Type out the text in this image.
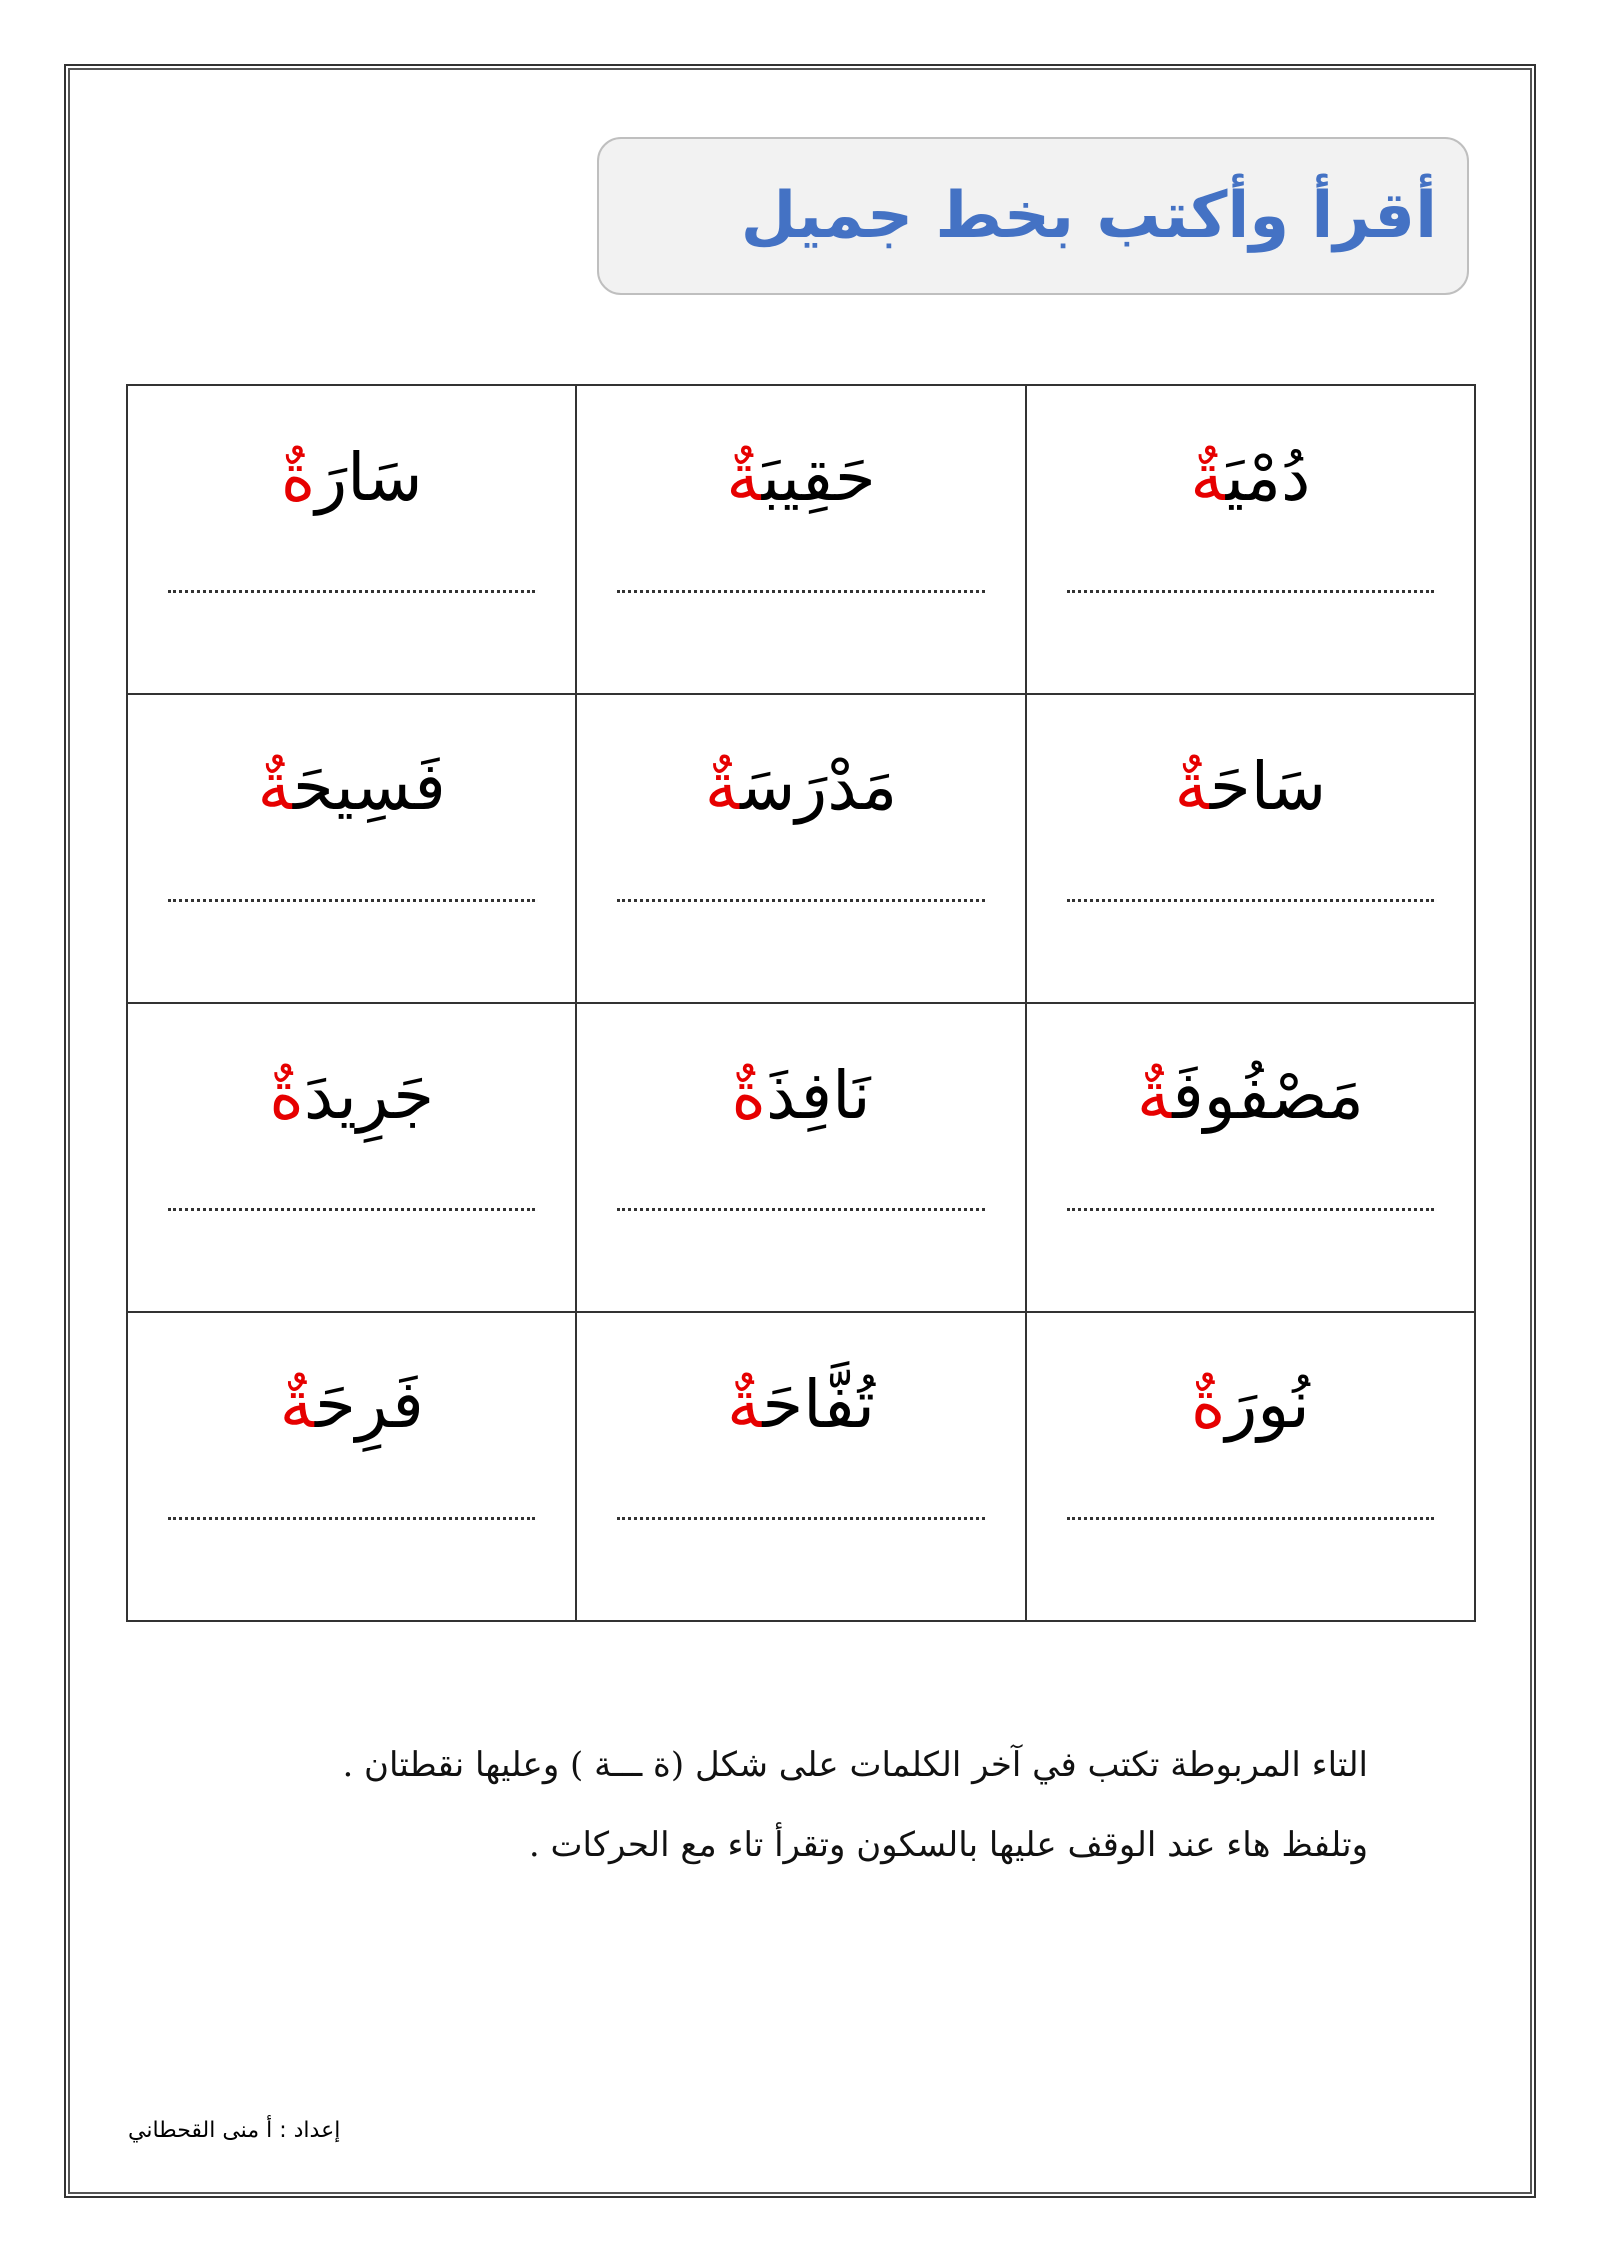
أقرأ وأكتب بخط جميل
دُمْيَةٌ	حَقِيبَةٌ	سَارَةٌ

سَاحَةٌ	مَدْرَسَةٌ	فَسِيحَةٌ

مَصْفُوفَةٌ	نَافِذَةٌ	جَرِيدَةٌ

نُورَةٌ	تُفَّاحَةٌ	فَرِحَةٌ
التاء المربوطة تكتب في آخر الكلمات على شكل (ة ـــة ) وعليها نقطتان .
وتلفظ هاء عند الوقف عليها بالسكون وتقرأ تاء مع الحركات .
إعداد : أ منى القحطاني
